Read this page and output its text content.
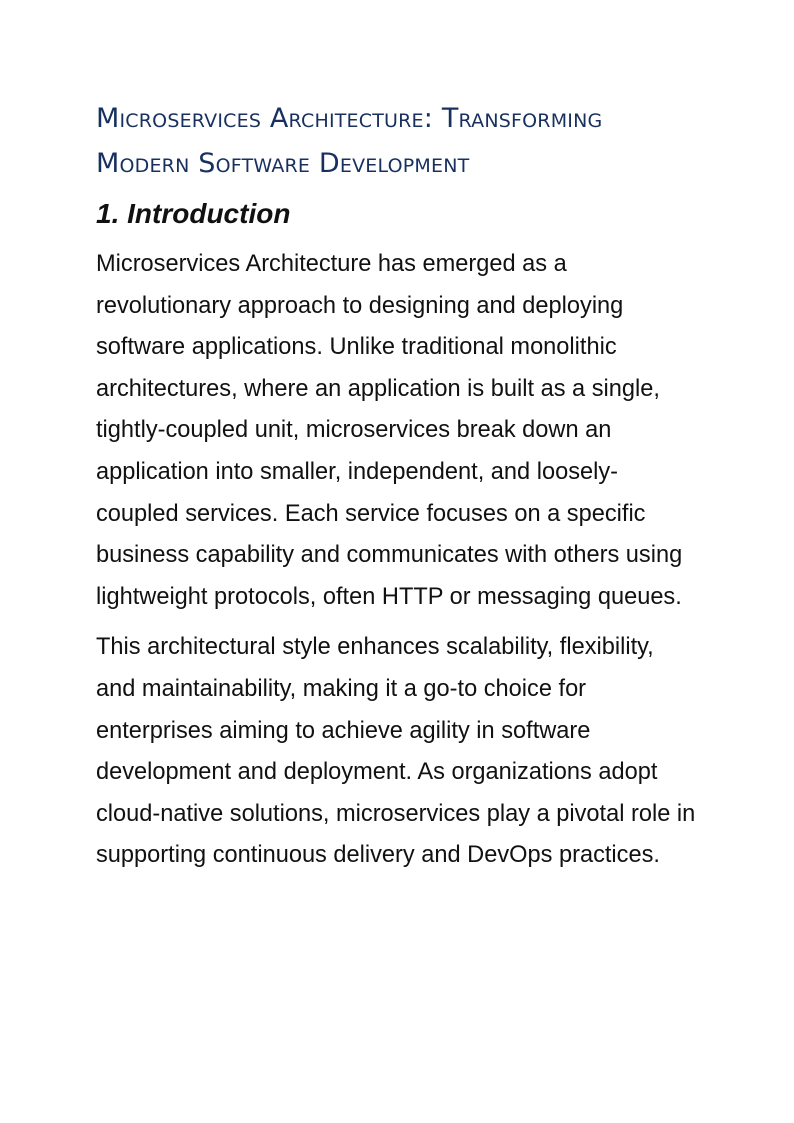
Microservices Architecture: Transforming Modern Software Development
1. Introduction

Microservices Architecture has emerged as a revolutionary approach to designing and deploying software applications. Unlike traditional monolithic architectures, where an application is built as a single, tightly-coupled unit, microservices break down an application into smaller, independent, and loosely-coupled services. Each service focuses on a specific business capability and communicates with others using lightweight protocols, often HTTP or messaging queues.

This architectural style enhances scalability, flexibility, and maintainability, making it a go-to choice for enterprises aiming to achieve agility in software development and deployment. As organizations adopt cloud-native solutions, microservices play a pivotal role in supporting continuous delivery and DevOps practices.
